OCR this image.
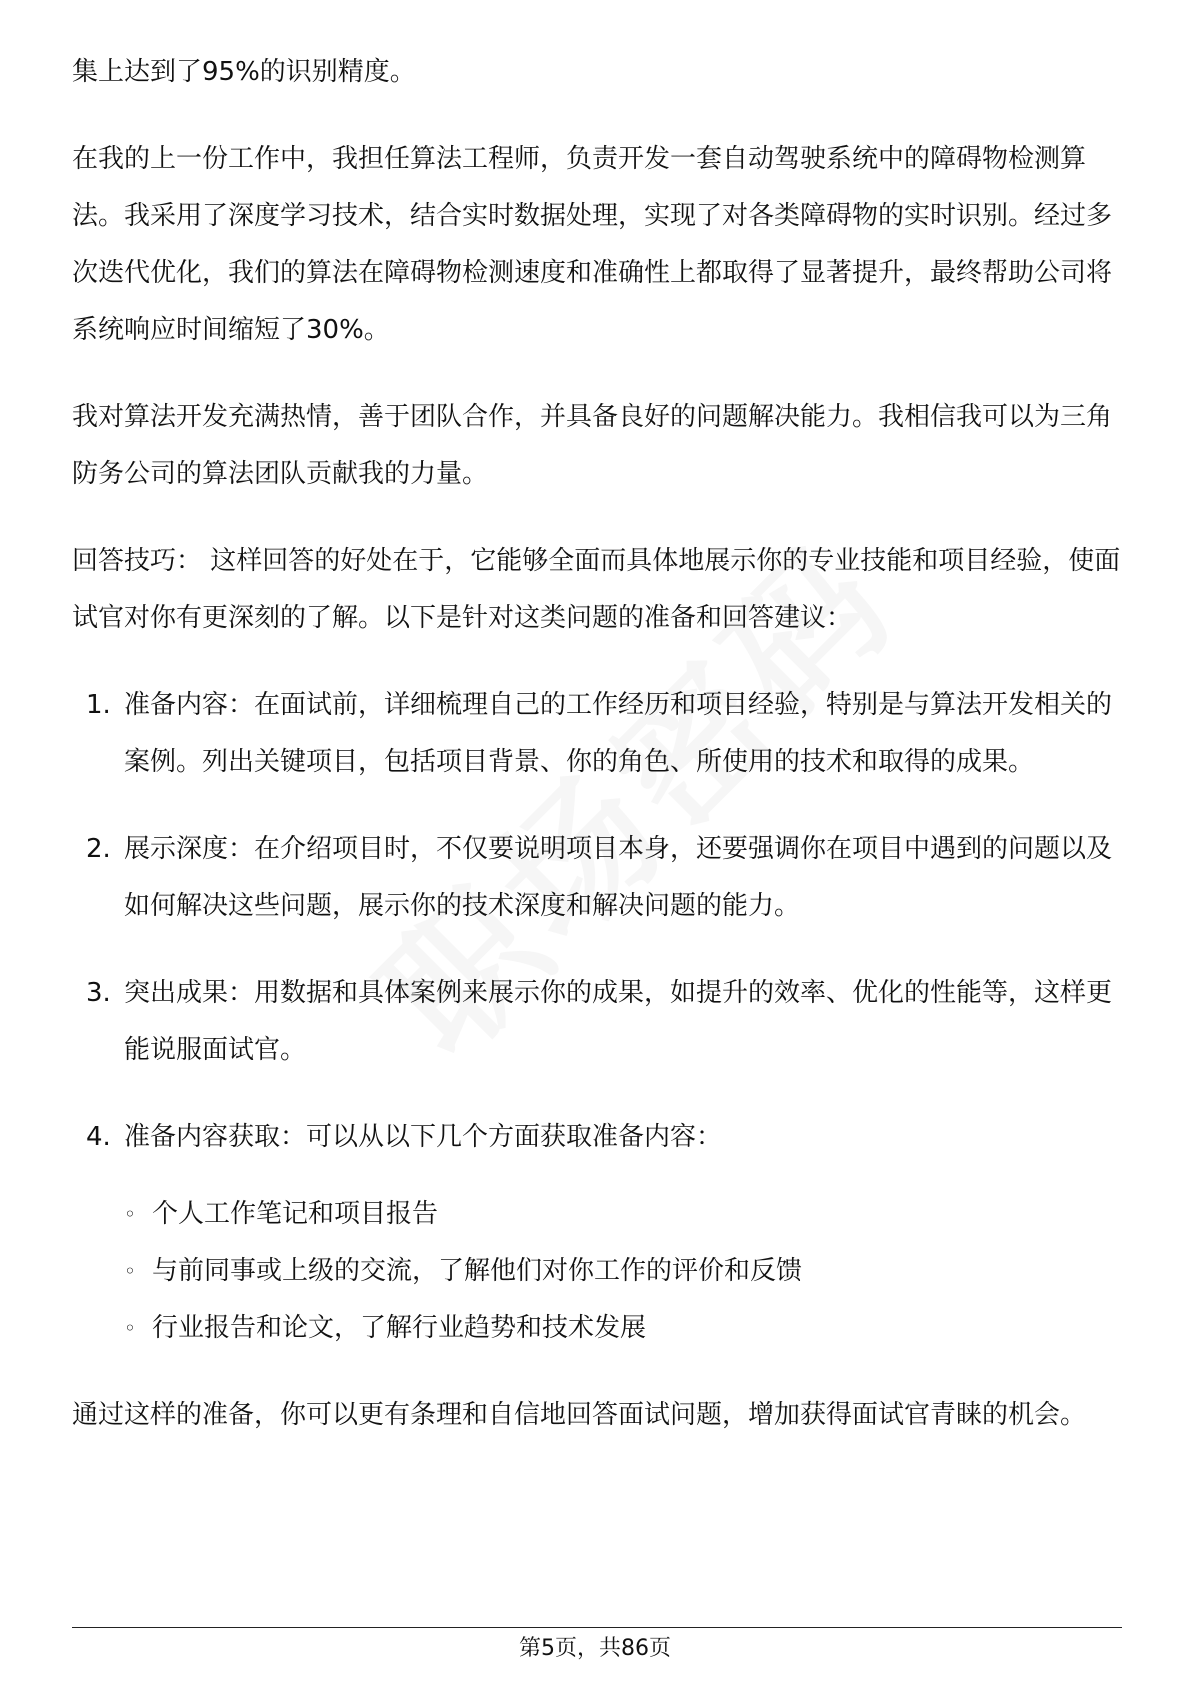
集上达到了95%的识别精度。

在我的上一份工作中，我担任算法工程师，负责开发一套自动驾驶系统中的障碍物检测算法。我采用了深度学习技术，结合实时数据处理，实现了对各类障碍物的实时识别。经过多次迭代优化，我们的算法在障碍物检测速度和准确性上都取得了显著提升，最终帮助公司将系统响应时间缩短了30%。

我对算法开发充满热情，善于团队合作，并具备良好的问题解决能力。我相信我可以为三角防务公司的算法团队贡献我的力量。

回答技巧： 这样回答的好处在于，它能够全面而具体地展示你的专业技能和项目经验，使面试官对你有更深刻的了解。以下是针对这类问题的准备和回答建议：

1. 准备内容：在面试前，详细梳理自己的工作经历和项目经验，特别是与算法开发相关的案例。列出关键项目，包括项目背景、你的角色、所使用的技术和取得的成果。
2. 展示深度：在介绍项目时，不仅要说明项目本身，还要强调你在项目中遇到的问题以及如何解决这些问题，展示你的技术深度和解决问题的能力。
3. 突出成果：用数据和具体案例来展示你的成果，如提升的效率、优化的性能等，这样更能说服面试官。
4. 准备内容获取：可以从以下几个方面获取准备内容：
◦ 个人工作笔记和项目报告
◦ 与前同事或上级的交流，了解他们对你工作的评价和反馈
◦ 行业报告和论文，了解行业趋势和技术发展

通过这样的准备，你可以更有条理和自信地回答面试问题，增加获得面试官青睐的机会。

第5页，共86页
